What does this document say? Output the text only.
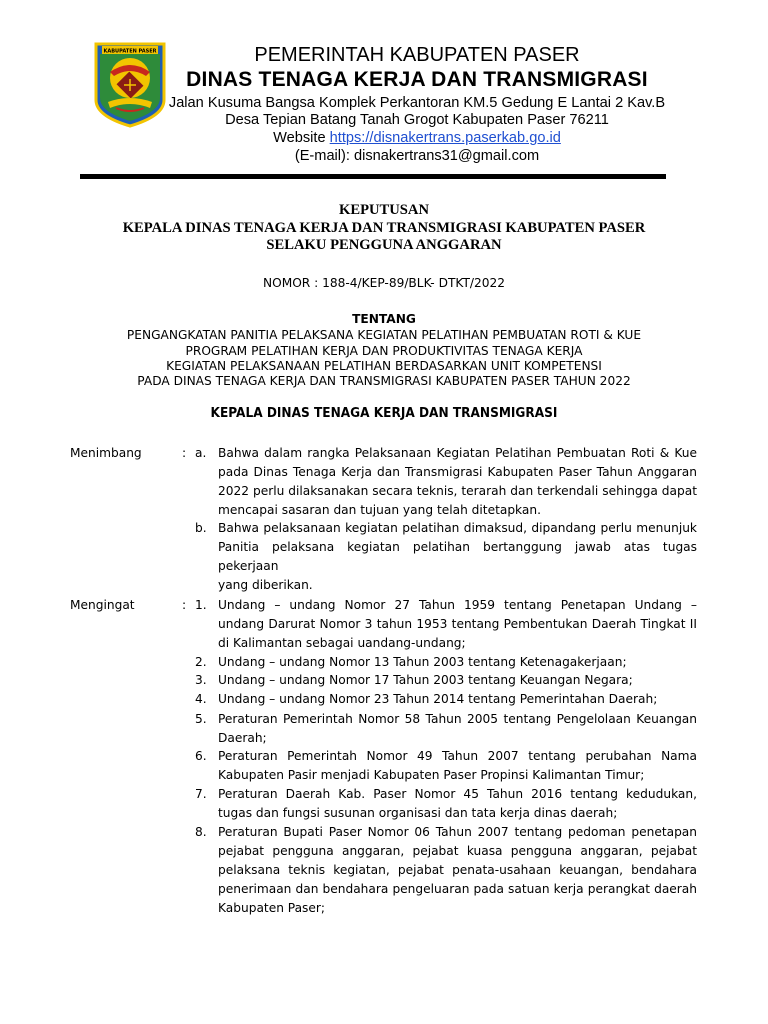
KABUPATEN PASER	PEMERINTAH KABUPATEN PASER
DINAS TENAGA KERJA DAN TRANSMIGRASI
Jalan Kusuma Bangsa Komplek Perkantoran KM.5 Gedung E Lantai 2 Kav.B
Desa Tepian Batang Tanah Grogot Kabupaten Paser 76211
Website https://disnakertrans.paserkab.go.id
(E-mail): disnakertrans31@gmail.com
KEPUTUSAN
KEPALA DINAS TENAGA KERJA DAN TRANSMIGRASI KABUPATEN PASER
SELAKU PENGGUNA ANGGARAN
NOMOR : 188-4/KEP-89/BLK- DTKT/2022
TENTANG
PENGANGKATAN PANITIA PELAKSANA KEGIATAN PELATIHAN PEMBUATAN ROTI & KUE
PROGRAM PELATIHAN KERJA DAN PRODUKTIVITAS TENAGA KERJA
KEGIATAN PELAKSANAAN PELATIHAN BERDASARKAN UNIT KOMPETENSI
PADA DINAS TENAGA KERJA DAN TRANSMIGRASI KABUPATEN PASER TAHUN 2022
KEPALA DINAS TENAGA KERJA DAN TRANSMIGRASI
Menimbang	: a. Bahwa dalam rangka Pelaksanaan Kegiatan Pelatihan Pembuatan Roti & Kue
pada Dinas Tenaga Kerja dan Transmigrasi Kabupaten Paser Tahun Anggaran
2022 perlu dilaksanakan secara teknis, terarah dan terkendali sehingga dapat
mencapai sasaran dan tujuan yang telah ditetapkan.
b. Bahwa pelaksanaan kegiatan pelatihan dimaksud, dipandang perlu menunjuk
Panitia pelaksana kegiatan pelatihan bertanggung jawab atas tugas pekerjaan
yang diberikan.
Mengingat	: 1. Undang – undang Nomor 27 Tahun 1959 tentang Penetapan Undang –
undang Darurat Nomor 3 tahun 1953 tentang Pembentukan Daerah Tingkat II
di Kalimantan sebagai uandang-undang;
2. Undang – undang Nomor 13 Tahun 2003 tentang Ketenagakerjaan;
3. Undang – undang Nomor 17 Tahun 2003 tentang Keuangan Negara;
4. Undang – undang Nomor 23 Tahun 2014 tentang Pemerintahan Daerah;
5. Peraturan Pemerintah Nomor 58 Tahun 2005 tentang Pengelolaan Keuangan
Daerah;
6. Peraturan Pemerintah Nomor 49 Tahun 2007 tentang perubahan Nama
Kabupaten Pasir menjadi Kabupaten Paser Propinsi Kalimantan Timur;
7. Peraturan Daerah Kab. Paser Nomor 45 Tahun 2016 tentang kedudukan,
tugas dan fungsi susunan organisasi dan tata kerja dinas daerah;
8. Peraturan Bupati Paser Nomor 06 Tahun 2007 tentang pedoman penetapan
pejabat pengguna anggaran, pejabat kuasa pengguna anggaran, pejabat
pelaksana teknis kegiatan, pejabat penata-usahaan keuangan, bendahara
penerimaan dan bendahara pengeluaran pada satuan kerja perangkat daerah
Kabupaten Paser;
